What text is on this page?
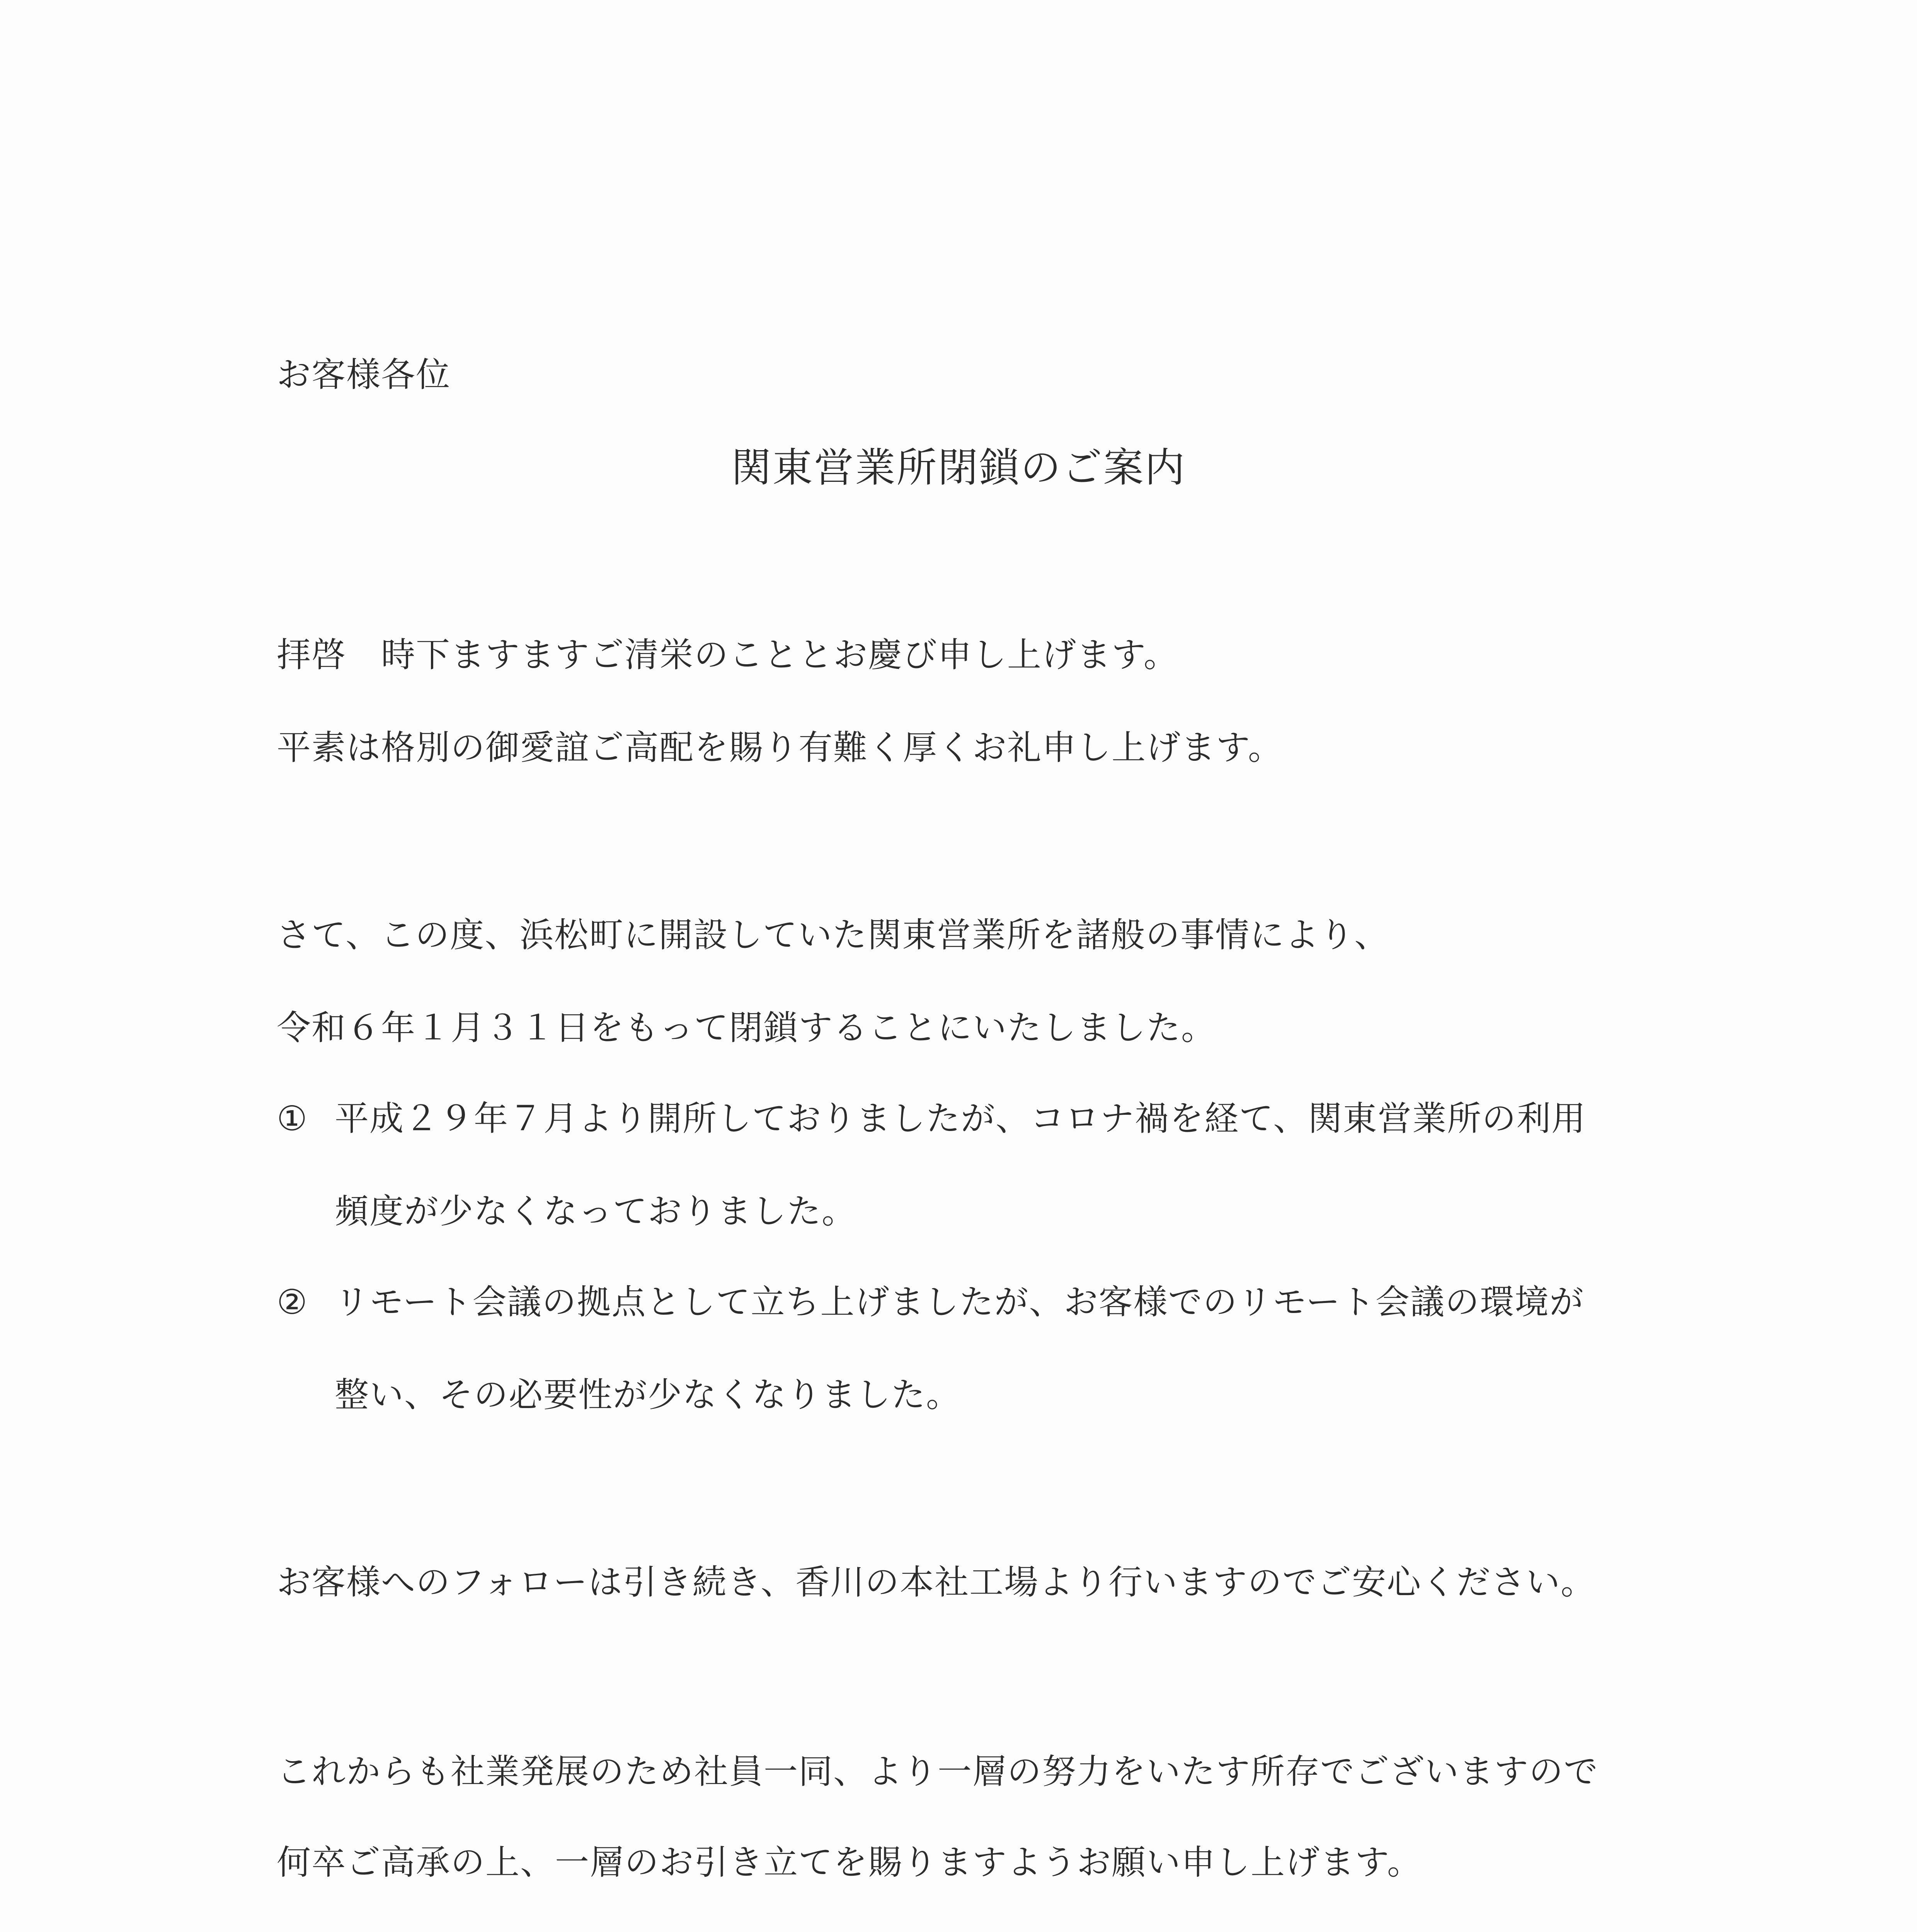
お客様各位
関東営業所閉鎖のご案内
拝啓　時下ますますご清栄のこととお慶び申し上げます。
平素は格別の御愛誼ご高配を賜り有難く厚くお礼申し上げます。
さて、この度、浜松町に開設していた関東営業所を諸般の事情により、
令和６年１月３１日をもって閉鎖することにいたしました。
① 平成２９年７月より開所しておりましたが、コロナ禍を経て、関東営業所の利用
頻度が少なくなっておりました。
② リモート会議の拠点として立ち上げましたが、お客様でのリモート会議の環境が
整い、その必要性が少なくなりました。
お客様へのフォローは引き続き、香川の本社工場より行いますのでご安心ください。
これからも社業発展のため社員一同、より一層の努力をいたす所存でございますので
何卒ご高承の上、一層のお引き立てを賜りますようお願い申し上げます。
